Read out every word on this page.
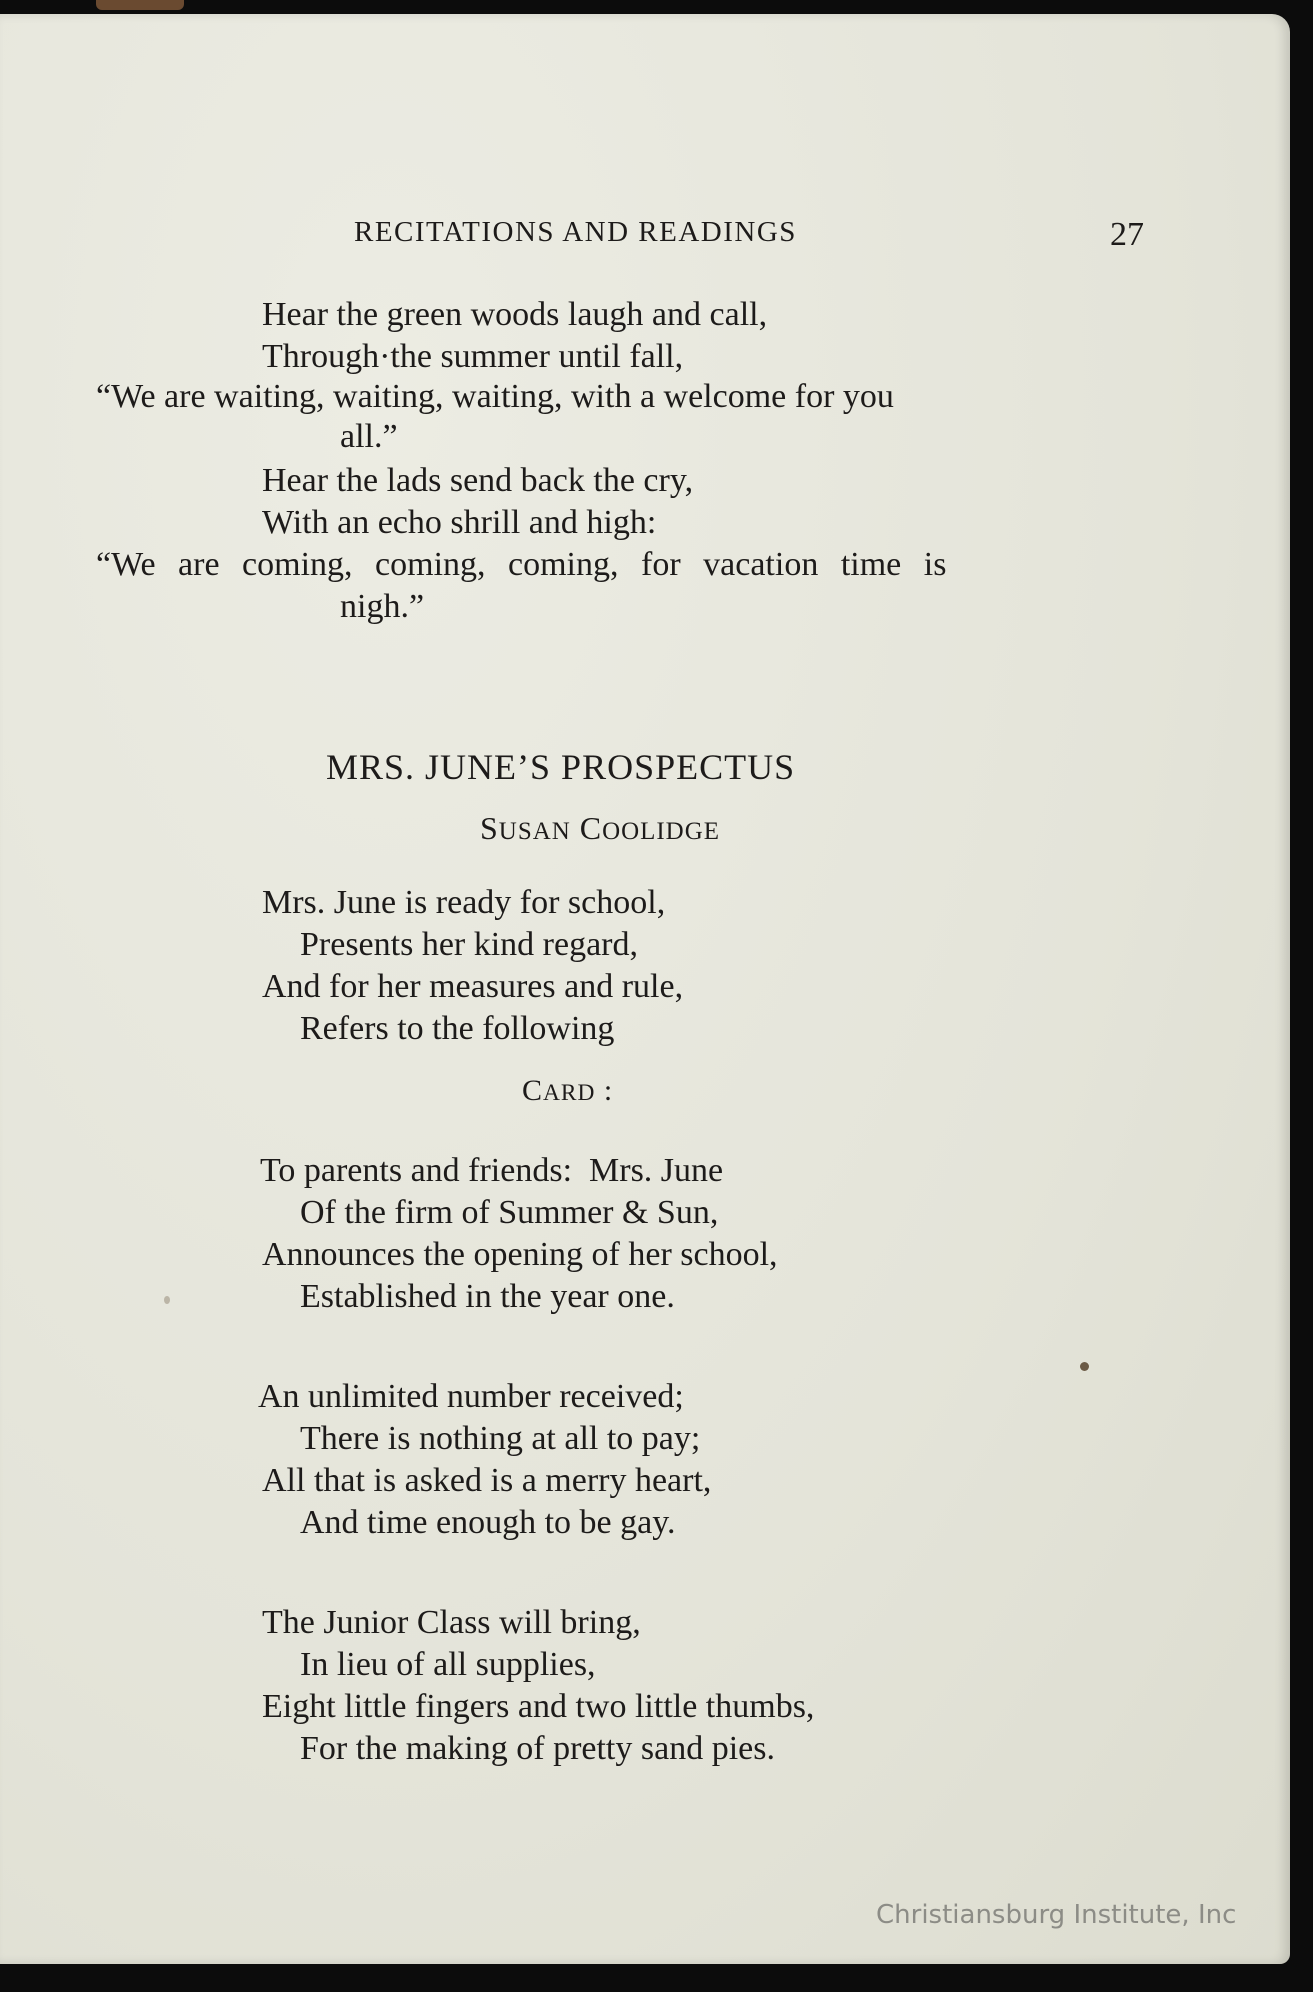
RECITATIONS AND READINGS	27
Hear the green woods laugh and call,
Through·the summer until fall,
“We are waiting, waiting, waiting, with a welcome for you
all.”
Hear the lads send back the cry,
With an echo shrill and high:
“We are coming, coming, coming, for vacation time is
nigh.”
MRS. JUNE’S PROSPECTUS
SUSAN COOLIDGE
Mrs. June is ready for school,
Presents her kind regard,
And for her measures and rule,
Refers to the following
CARD :
To parents and friends:  Mrs. June
Of the firm of Summer & Sun,
Announces the opening of her school,
Established in the year one.
An unlimited number received;
There is nothing at all to pay;
All that is asked is a merry heart,
And time enough to be gay.
The Junior Class will bring,
In lieu of all supplies,
Eight little fingers and two little thumbs,
For the making of pretty sand pies.
Christiansburg Institute, Inc
